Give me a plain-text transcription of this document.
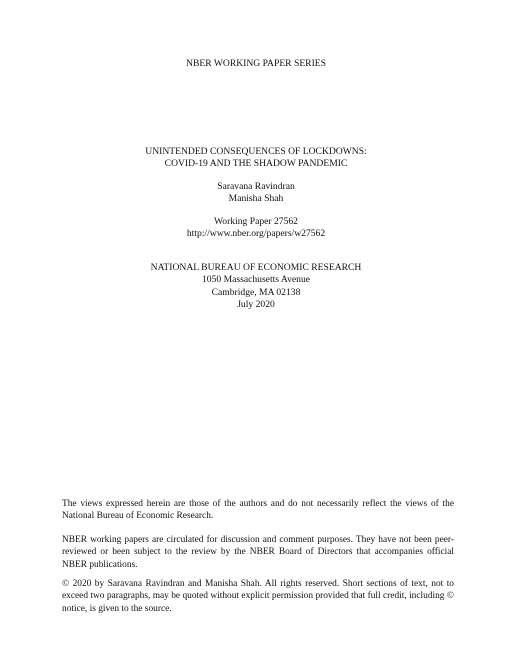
NBER WORKING PAPER SERIES
UNINTENDED CONSEQUENCES OF LOCKDOWNS:
COVID-19 AND THE SHADOW PANDEMIC
Saravana Ravindran
Manisha Shah
Working Paper 27562
http://www.nber.org/papers/w27562
NATIONAL BUREAU OF ECONOMIC RESEARCH
1050 Massachusetts Avenue
Cambridge, MA 02138
July 2020

The views expressed herein are those of the authors and do not necessarily reflect the views of the National Bureau of Economic Research.

NBER working papers are circulated for discussion and comment purposes. They have not been peer-reviewed or been subject to the review by the NBER Board of Directors that accompanies official NBER publications.

© 2020 by Saravana Ravindran and Manisha Shah. All rights reserved. Short sections of text, not to exceed two paragraphs, may be quoted without explicit permission provided that full credit, including © notice, is given to the source.
